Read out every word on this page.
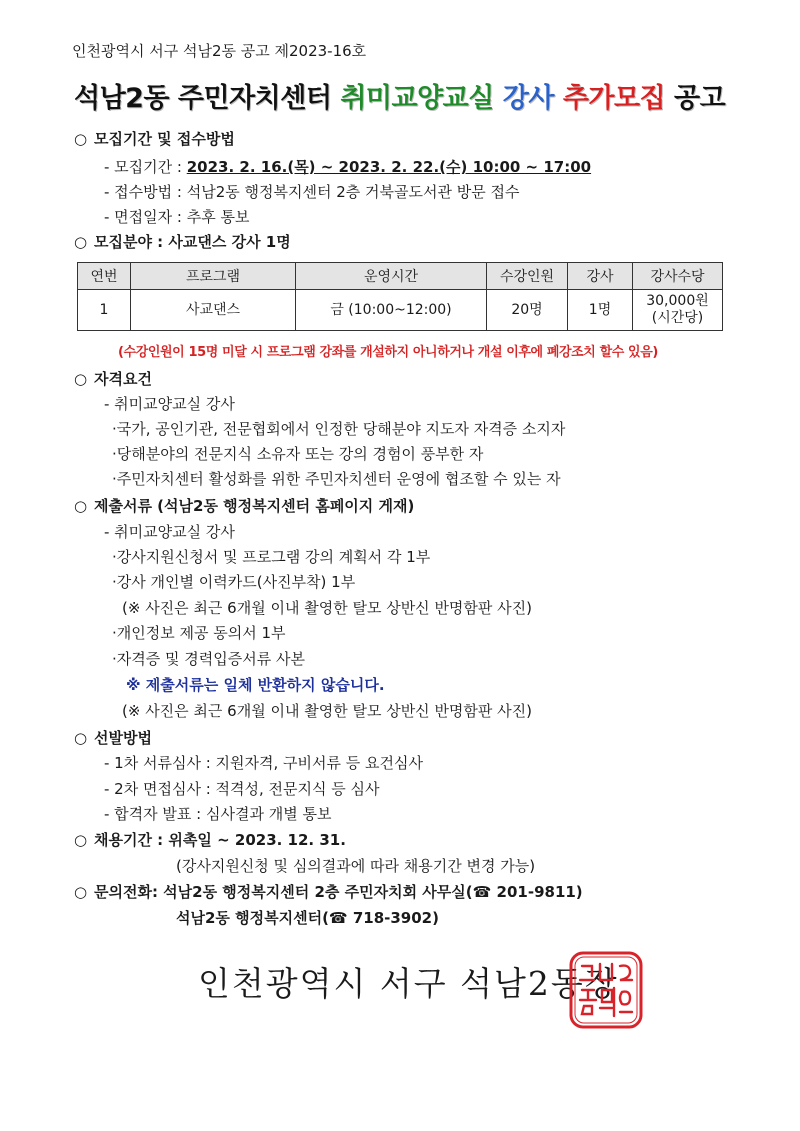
인천광역시 서구 석남2동 공고 제2023-16호
석남2동 주민자치센터 취미교양교실 강사 추가모집 공고
○ 모집기간 및 접수방법
- 모집기간 : 2023. 2. 16.(목) ~ 2023. 2. 22.(수) 10:00 ~ 17:00
- 접수방법 : 석남2동 행정복지센터 2층 거북골도서관 방문 접수
- 면접일자 : 추후 통보
○ 모집분야 : 사교댄스 강사 1명
연번	프로그램	운영시간	수강인원	강사	강사수당
1	사교댄스	금 (10:00~12:00)	20명	1명	30,000원
(시간당)
(수강인원이 15명 미달 시 프로그램 강좌를 개설하지 아니하거나 개설 이후에 폐강조치 할수 있음)
○ 자격요건
- 취미교양교실 강사
·국가, 공인기관, 전문협회에서 인정한 당해분야 지도자 자격증 소지자
·당해분야의 전문지식 소유자 또는 강의 경험이 풍부한 자
·주민자치센터 활성화를 위한 주민자치센터 운영에 협조할 수 있는 자
○ 제출서류 (석남2동 행정복지센터 홈페이지 게재)
- 취미교양교실 강사
·강사지원신청서 및 프로그램 강의 계획서 각 1부
·강사 개인별 이력카드(사진부착) 1부
(※ 사진은 최근 6개월 이내 촬영한 탈모 상반신 반명함판 사진)
·개인정보 제공 동의서 1부
·자격증 및 경력입증서류 사본
※ 제출서류는 일체 반환하지 않습니다.
(※ 사진은 최근 6개월 이내 촬영한 탈모 상반신 반명함판 사진)
○ 선발방법
- 1차 서류심사 : 지원자격, 구비서류 등 요건심사
- 2차 면접심사 : 적격성, 전문지식 등 심사
- 합격자 발표 : 심사결과 개별 통보
○ 채용기간 : 위촉일 ~ 2023. 12. 31.
(강사지원신청 및 심의결과에 따라 채용기간 변경 가능)
○ 문의전화: 석남2동 행정복지센터 2층 주민자치회 사무실(☎ 201-9811)
석남2동 행정복지센터(☎ 718-3902)
인천광역시 서구 석남2동장
